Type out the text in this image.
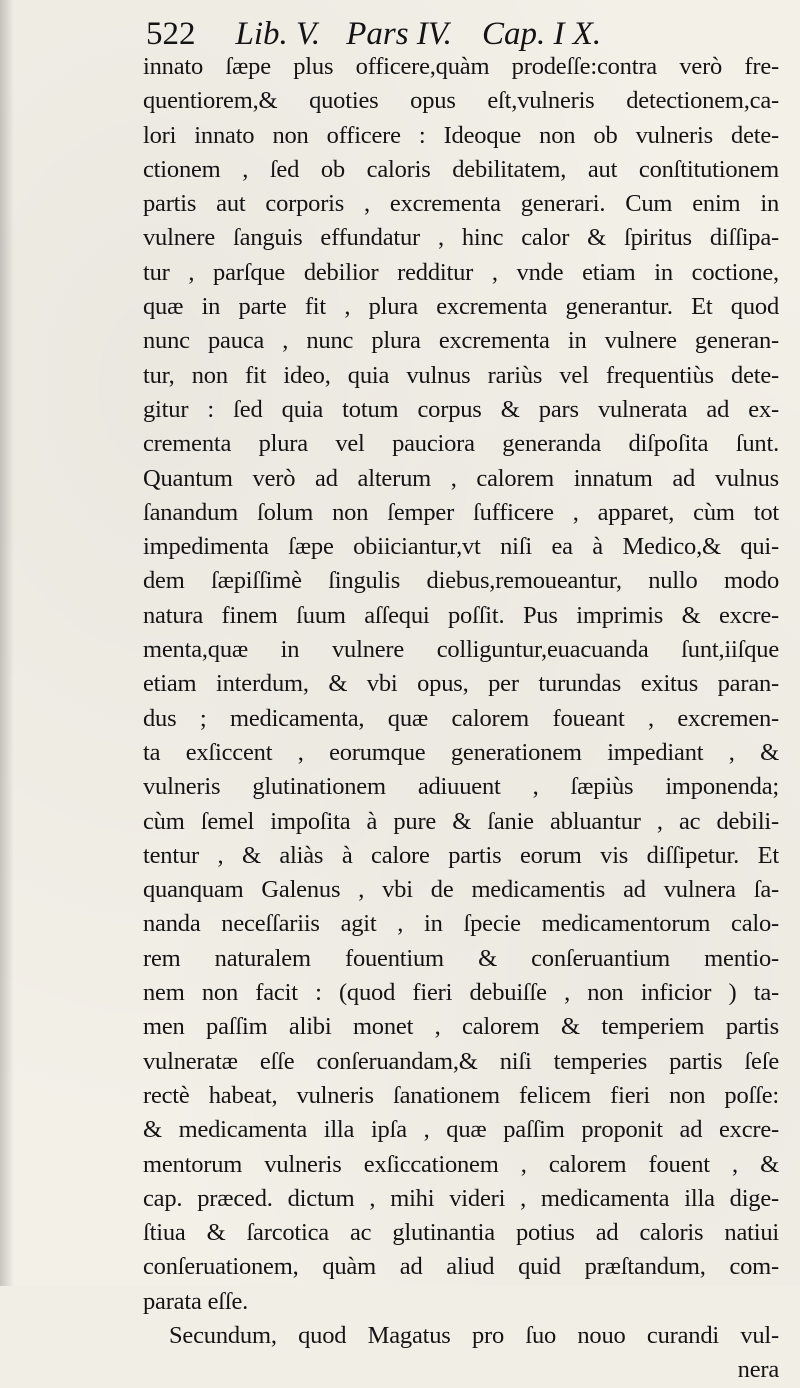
522 Lib. V. Pars IV. Cap. I X.
innato ſæpe plus officere,quàm prodeſſe:contra verò fre-
quentiorem,& quoties opus eſt,vulneris detectionem,ca-
lori innato non officere : Ideoque non ob vulneris dete-
ctionem , ſed ob caloris debilitatem, aut conſtitutionem
partis aut corporis , excrementa generari. Cum enim in
vulnere ſanguis effundatur , hinc calor & ſpiritus diſſipa-
tur , parſque debilior redditur , vnde etiam in coctione,
quæ in parte fit , plura excrementa generantur. Et quod
nunc pauca , nunc plura excrementa in vulnere generan-
tur, non fit ideo, quia vulnus rariùs vel frequentiùs dete-
gitur : ſed quia totum corpus & pars vulnerata ad ex-
crementa plura vel pauciora generanda diſpoſita ſunt.
Quantum verò ad alterum , calorem innatum ad vulnus
ſanandum ſolum non ſemper ſufficere , apparet, cùm tot
impedimenta ſæpe obiiciantur,vt niſi ea à Medico,& qui-
dem ſæpiſſimè ſingulis diebus,remoueantur, nullo modo
natura finem ſuum aſſequi poſſit. Pus imprimis & excre-
menta,quæ in vulnere colliguntur,euacuanda ſunt,iiſque
etiam interdum, & vbi opus, per turundas exitus paran-
dus ; medicamenta, quæ calorem foueant , excremen-
ta exſiccent , eorumque generationem impediant , &
vulneris glutinationem adiuuent , ſæpiùs imponenda;
cùm ſemel impoſita à pure & ſanie abluantur , ac debili-
tentur , & aliàs à calore partis eorum vis diſſipetur. Et
quanquam Galenus , vbi de medicamentis ad vulnera ſa-
nanda neceſſariis agit , in ſpecie medicamentorum calo-
rem naturalem fouentium & conſeruantium mentio-
nem non facit : (quod fieri debuiſſe , non inficior ) ta-
men paſſim alibi monet , calorem & temperiem partis
vulneratæ eſſe conſeruandam,& niſi temperies partis ſeſe
rectè habeat, vulneris ſanationem felicem fieri non poſſe:
& medicamenta illa ipſa , quæ paſſim proponit ad excre-
mentorum vulneris exſiccationem , calorem fouent , &
cap. præced. dictum , mihi videri , medicamenta illa dige-
ſtiua & ſarcotica ac glutinantia potius ad caloris natiui
conſeruationem, quàm ad aliud quid præſtandum, com-
parata eſſe.
Secundum, quod Magatus pro ſuo nouo curandi vul-
nera
